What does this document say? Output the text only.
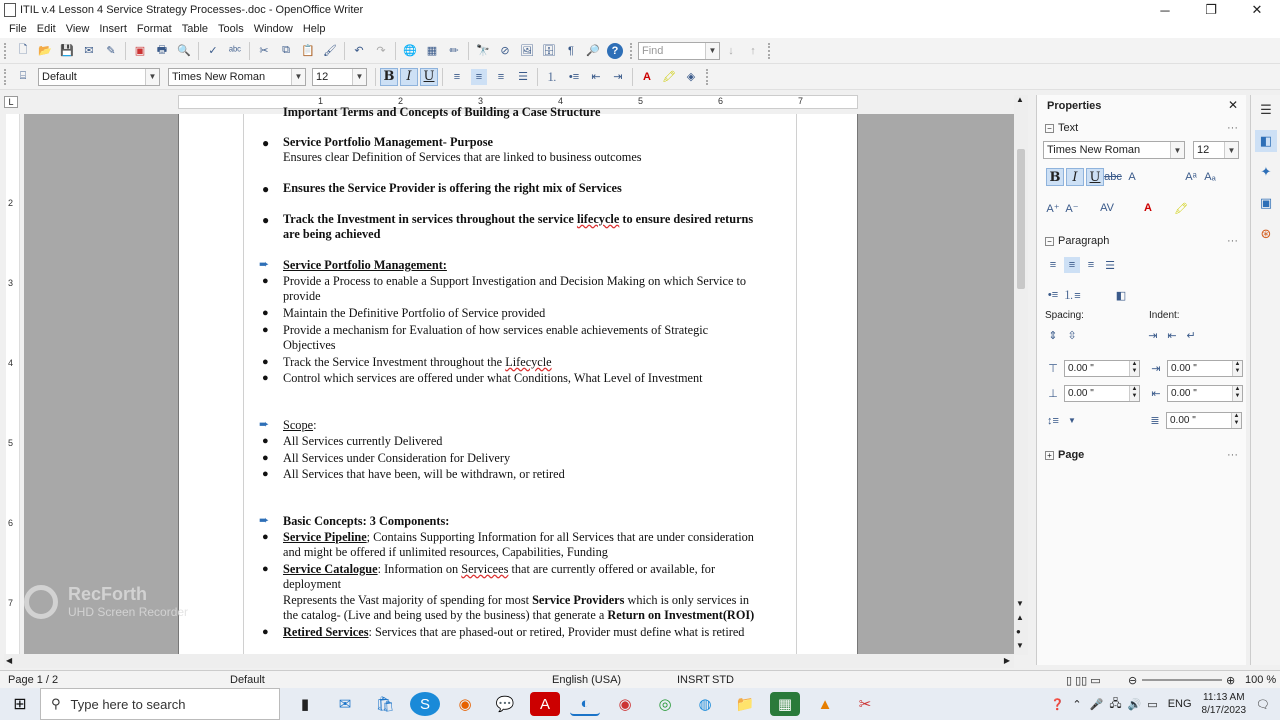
ITIL v.4 Lesson 4 Service Strategy Processes-.doc - OpenOffice Writer	─	❐	✕
File Edit View Insert Format Table Tools Window Help
🗋 📂 💾 ✉	✎	▣ 🖶 🔍	✓	ᵃᵇᶜ	✂	⧉	📋 🖌	↶	↷	🌐 ▦	✏	🔭 ⊘ 🖼 🗄	¶	🔎	?	Find	▼	↓	↑
⌸	Default	▼ Times New Roman	▼ 12	▼ B I U	≡	≡	≡	☰ ⒈ •≡	⇤	⇥	A	🖍 ◈
L	1	2	3	4	5	6	7
2
3
4
5
6
7
Important Terms and Concepts of Building a Case Structure
● Service Portfolio Management- Purpose
Ensures clear Definition of Services that are linked to business outcomes
● Ensures the Service Provider is offering the right mix of Services
● Track the Investment in services throughout the service lifecycle to ensure desired returns
are being achieved
➨ Service Portfolio Management:
● Provide a Process to enable a Support Investigation and Decision Making on which Service to
provide
● Maintain the Definitive Portfolio of Service provided
● Provide a mechanism for Evaluation of how services enable achievements of Strategic
Objectives
● Track the Service Investment throughout the Lifecycle
● Control which services are offered under what Conditions, What Level of Investment
➨ Scope:
● All Services currently Delivered
● All Services under Consideration for Delivery
● All Services that have been, will be withdrawn, or retired
➨ Basic Concepts: 3 Components:
● Service Pipeline; Contains Supporting Information for all Services that are under consideration
and might be offered if unlimited resources, Capabilities, Funding
● Service Catalogue: Information on Servicees that are currently offered or available, for
deployment
Represents the Vast majority of spending for most Service Providers which is only services in
the catalog- (Live and being used by the business) that generate a Return on Investment(ROI)
● Retired Services: Services that are phased-out or retired, Provider must define what is retired
RecForth
UHD Screen Recorder
▲
▼
▲
●
▼
◀	▶
Properties	✕
− Text	···
Times New Roman	▼ 12	▼
B I U abc A	Aᵃ Aₐ
A⁺ A⁻ AV	A	🖍
− Paragraph	···
≡	≡	≡ ☰
•≡ ⒈≡	◧
Spacing:	Indent:
⇕ ⇳	⇥ ⇤ ↵
⊤	0.00 "	▲
▼	⇥	0.00 "	▲
▼
⊥	0.00 "	▲
▼	⇤	0.00 "	▲
▼
↕≡	▼	≣	0.00 "	▲
▼
+ Page	···
☰
◧
✦
▣
⊛
Page 1 / 2	Default	English (USA)	INSRT STD	▯ ▯▯ ▭ ⊖	⊕ 100 %
⊞	⚲ Type here to search	▮	✉	🛍	S	◉	💬	A	◐	◉	◎	◍	📁	▦	▲	✂	❓ ⌃ 🎤 🖧 🔊 ▭ ENG
11:13 AM
8/17/2023 🗨
